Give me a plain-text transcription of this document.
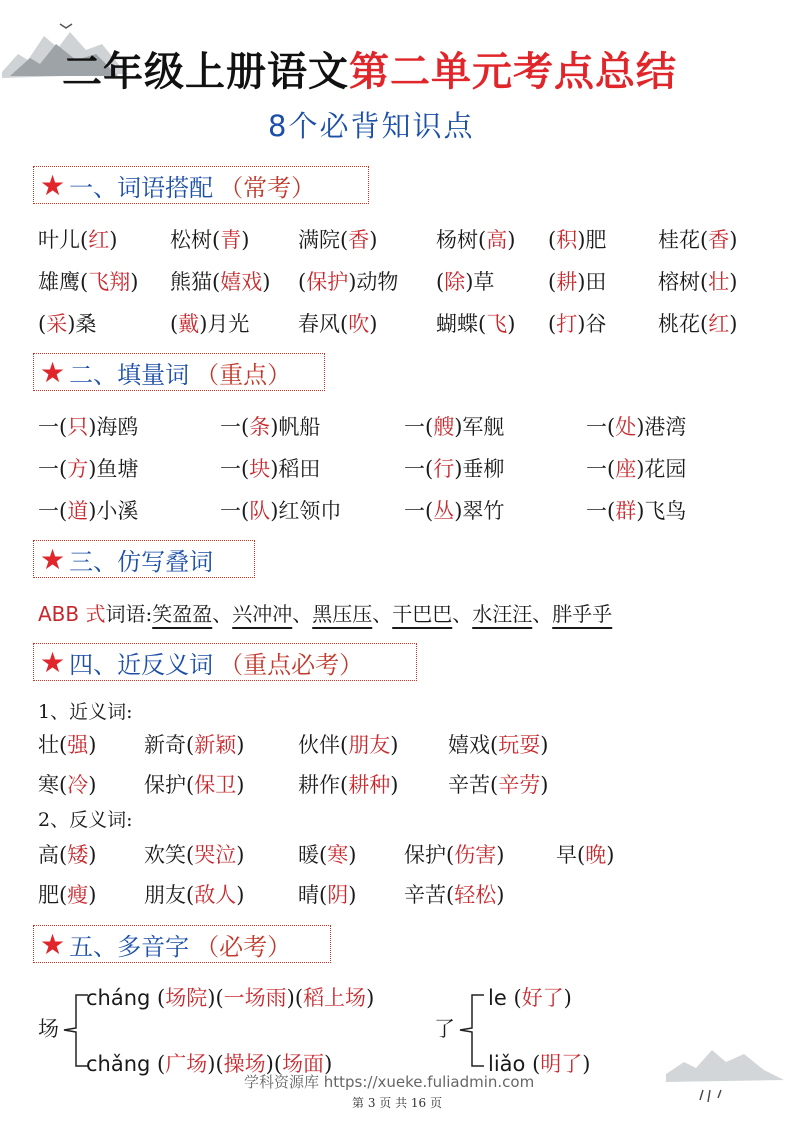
二年级上册语文第二单元考点总结
8个必背知识点
★ 一、词语搭配 （常考）
叶儿(红)	松树(青) 满院(香)	杨树(高) (积)肥 桂花(香)
雄鹰(飞翔) 熊猫(嬉戏) (保护)动物 (除)草	(耕)田 榕树(壮)
(采)桑	(戴)月光 春风(吹)	蝴蝶(飞) (打)谷 桃花(红)
★ 二、填量词 （重点）
一(只)海鸥	一(条)帆船	一(艘)军舰	一(处)港湾
一(方)鱼塘	一(块)稻田	一(行)垂柳	一(座)花园
一(道)小溪	一(队)红领巾	一(丛)翠竹	一(群)飞鸟
★ 三、仿写叠词
ABB 式词语:笑盈盈、兴冲冲、黑压压、干巴巴、水汪汪、胖乎乎
★ 四、近反义词 （重点必考）
1、近义词:
壮(强) 新奇(新颖)	伙伴(朋友) 嬉戏(玩耍)
寒(冷) 保护(保卫)	耕作(耕种) 辛苦(辛劳)
2、反义词:
高(矮) 欢笑(哭泣)	暖(寒) 保护(伤害) 早(晚)
肥(瘦) 朋友(敌人)	晴(阴) 辛苦(轻松)
★ 五、多音字 （必考）
场
cháng (场院)(一场雨)(稻上场)
chǎng (广场)(操场)(场面)
了
le (好了)
liǎo (明了)
学科资源库 https://xueke.fuliadmin.com
第 3 页 共 16 页
